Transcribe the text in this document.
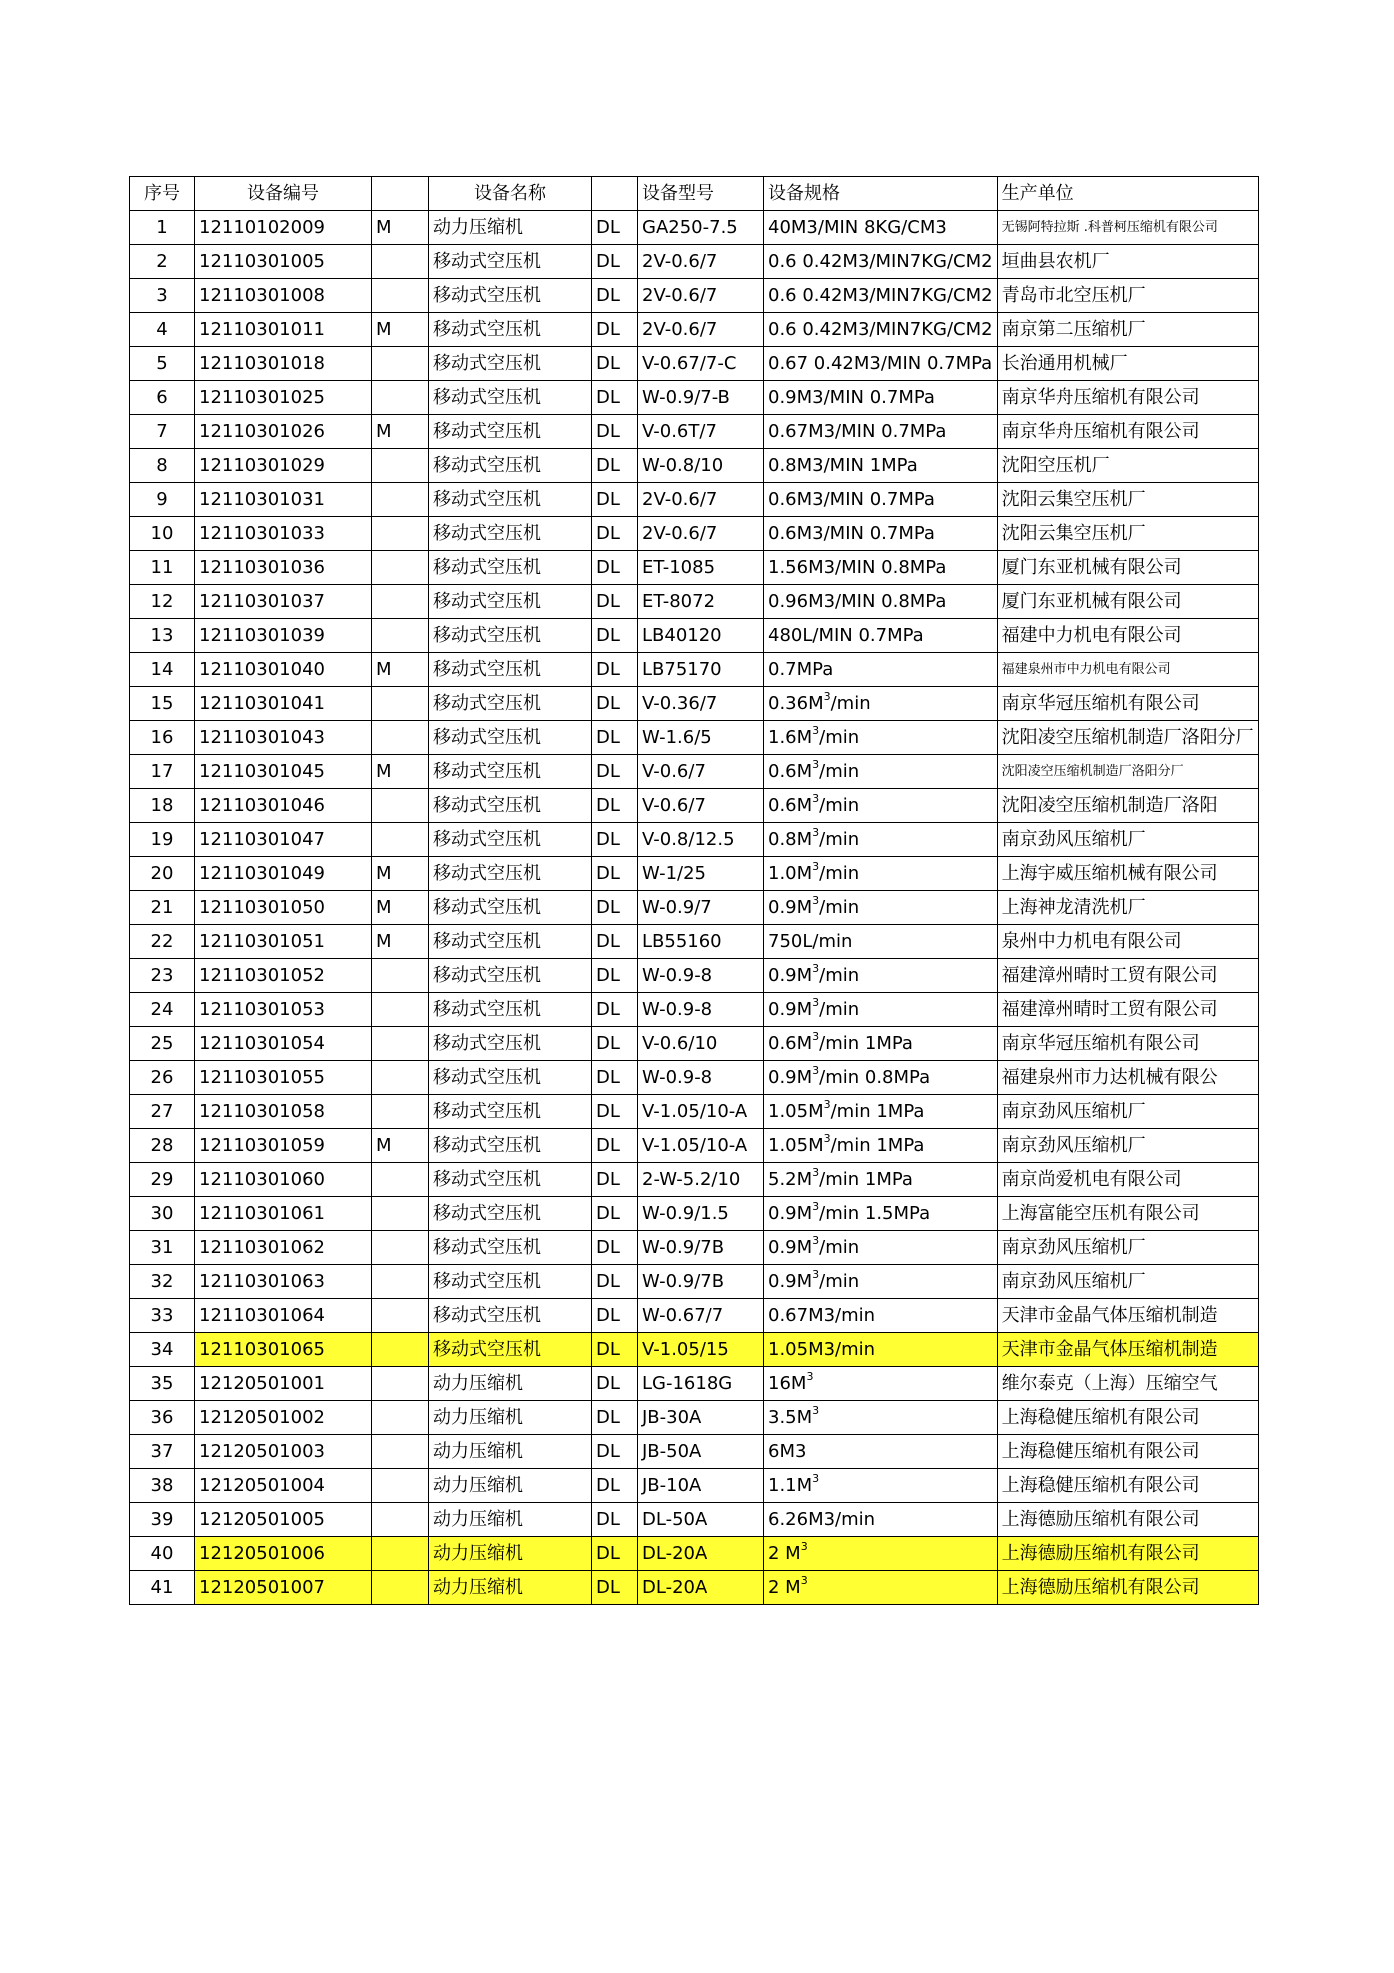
序号	设备编号		设备名称		设备型号	设备规格	生产单位
1	12110102009	M	动力压缩机	DL	GA250-7.5	40M3/MIN 8KG/CM3	无锡阿特拉斯 .科普柯压缩机有限公司
2	12110301005		移动式空压机	DL	2V-0.6/7	0.6 0.42M3/MIN7KG/CM2	垣曲县农机厂
3	12110301008		移动式空压机	DL	2V-0.6/7	0.6 0.42M3/MIN7KG/CM2	青岛市北空压机厂
4	12110301011	M	移动式空压机	DL	2V-0.6/7	0.6 0.42M3/MIN7KG/CM2	南京第二压缩机厂
5	12110301018		移动式空压机	DL	V-0.67/7-C	0.67 0.42M3/MIN 0.7MPa	长治通用机械厂
6	12110301025		移动式空压机	DL	W-0.9/7-B	0.9M3/MIN 0.7MPa	南京华舟压缩机有限公司
7	12110301026	M	移动式空压机	DL	V-0.6T/7	0.67M3/MIN 0.7MPa	南京华舟压缩机有限公司
8	12110301029		移动式空压机	DL	W-0.8/10	0.8M3/MIN 1MPa	沈阳空压机厂
9	12110301031		移动式空压机	DL	2V-0.6/7	0.6M3/MIN 0.7MPa	沈阳云集空压机厂
10	12110301033		移动式空压机	DL	2V-0.6/7	0.6M3/MIN 0.7MPa	沈阳云集空压机厂
11	12110301036		移动式空压机	DL	ET-1085	1.56M3/MIN 0.8MPa	厦门东亚机械有限公司
12	12110301037		移动式空压机	DL	ET-8072	0.96M3/MIN 0.8MPa	厦门东亚机械有限公司
13	12110301039		移动式空压机	DL	LB40120	480L/MIN 0.7MPa	福建中力机电有限公司
14	12110301040	M	移动式空压机	DL	LB75170	0.7MPa	福建泉州市中力机电有限公司
15	12110301041		移动式空压机	DL	V-0.36/7	$0.36M^3/\min$	南京华冠压缩机有限公司
16	12110301043		移动式空压机	DL	W-1.6/5	$1.6M^3/\min$	沈阳凌空压缩机制造厂洛阳分厂
17	12110301045	M	移动式空压机	DL	V-0.6/7	$0.6M^3/\min$	沈阳凌空压缩机制造厂洛阳分厂
18	12110301046		移动式空压机	DL	V-0.6/7	$0.6M^3/\min$	沈阳凌空压缩机制造厂洛阳
19	12110301047		移动式空压机	DL	V-0.8/12.5	$0.8M^3/\min$	南京劲风压缩机厂
20	12110301049	M	移动式空压机	DL	W-1/25	$1.0M^3/\min$	上海宇威压缩机械有限公司
21	12110301050	M	移动式空压机	DL	W-0.9/7	$0.9M^3/\min$	上海神龙清洗机厂
22	12110301051	M	移动式空压机	DL	LB55160	750L/min	泉州中力机电有限公司
23	12110301052		移动式空压机	DL	W-0.9-8	$0.9M^3/\min$	福建漳州晴时工贸有限公司
24	12110301053		移动式空压机	DL	W-0.9-8	$0.9M^3/\min$	福建漳州晴时工贸有限公司
25	12110301054		移动式空压机	DL	V-0.6/10	$0.6M^3/\min$ 1MPa	南京华冠压缩机有限公司
26	12110301055		移动式空压机	DL	W-0.9-8	$0.9M^3/\min$ 0.8MPa	福建泉州市力达机械有限公
27	12110301058		移动式空压机	DL	V-1.05/10-A	$1.05M^3/\min$ 1MPa	南京劲风压缩机厂
28	12110301059	M	移动式空压机	DL	V-1.05/10-A	$1.05M^3/\min$ 1MPa	南京劲风压缩机厂
29	12110301060		移动式空压机	DL	2-W-5.2/10	$5.2M^3/\min$ 1MPa	南京尚爱机电有限公司
30	12110301061		移动式空压机	DL	W-0.9/1.5	$0.9M^3/\min$ 1.5MPa	上海富能空压机有限公司
31	12110301062		移动式空压机	DL	W-0.9/7B	$0.9M^3/\min$	南京劲风压缩机厂
32	12110301063		移动式空压机	DL	W-0.9/7B	$0.9M^3/\min$	南京劲风压缩机厂
33	12110301064		移动式空压机	DL	W-0.67/7	0.67M3/min	天津市金晶气体压缩机制造
34	12110301065		移动式空压机	DL	V-1.05/15	1.05M3/min	天津市金晶气体压缩机制造
35	12120501001		动力压缩机	DL	LG-1618G	$16M^3$	维尔泰克（上海）压缩空气
36	12120501002		动力压缩机	DL	JB-30A	$3.5M^3$	上海稳健压缩机有限公司
37	12120501003		动力压缩机	DL	JB-50A	6M3	上海稳健压缩机有限公司
38	12120501004		动力压缩机	DL	JB-10A	$1.1M^3$	上海稳健压缩机有限公司
39	12120501005		动力压缩机	DL	DL-50A	6.26M3/min	上海德励压缩机有限公司
40	12120501006		动力压缩机	DL	DL-20A	2 $M^3$	上海德励压缩机有限公司
41	12120501007		动力压缩机	DL	DL-20A	2 $M^3$	上海德励压缩机有限公司
